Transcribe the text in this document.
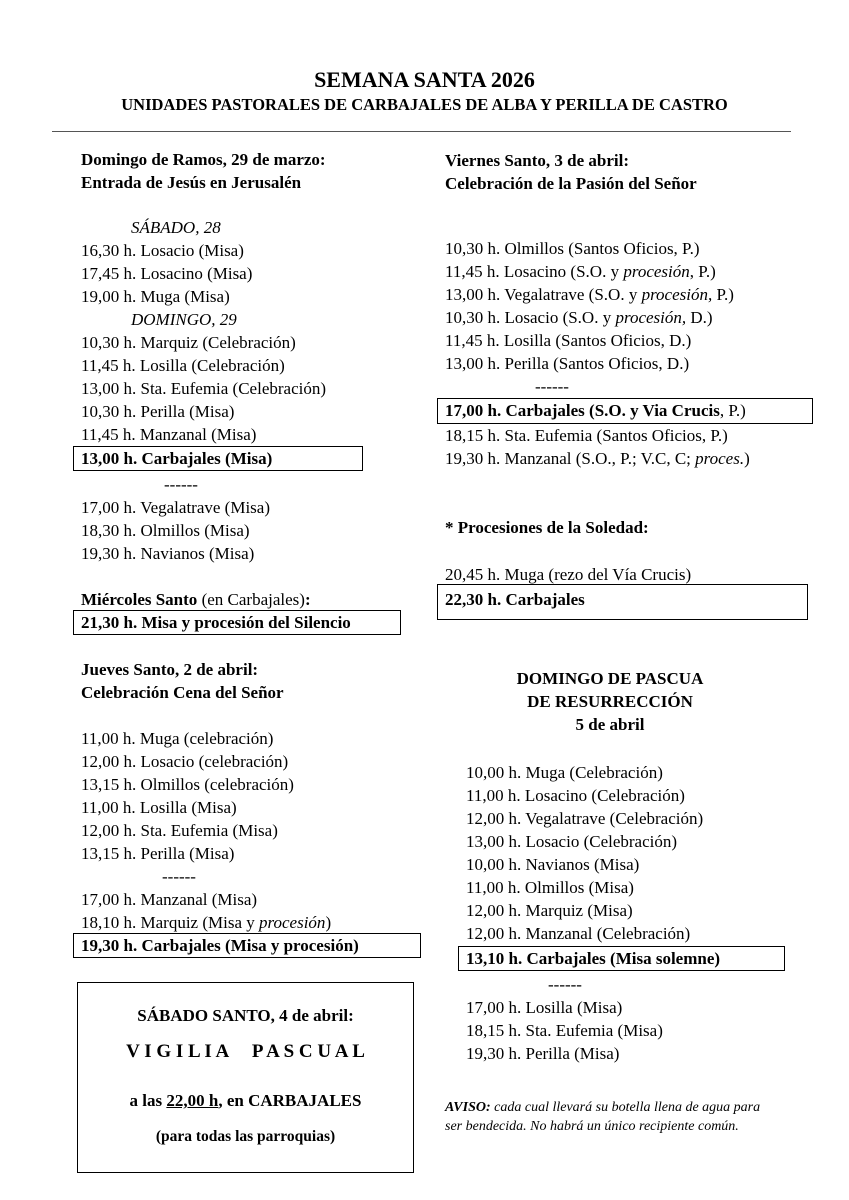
SEMANA SANTA 2026
UNIDADES PASTORALES DE CARBAJALES DE ALBA Y PERILLA DE CASTRO
Domingo de Ramos, 29 de marzo:
Entrada de Jesús en Jerusalén
SÁBADO, 28
16,30 h. Losacio (Misa)
17,45 h. Losacino (Misa)
19,00 h. Muga (Misa)
DOMINGO, 29
10,30 h. Marquiz (Celebración)
11,45 h. Losilla (Celebración)
13,00 h. Sta. Eufemia (Celebración)
10,30 h. Perilla (Misa)
11,45 h. Manzanal (Misa)
13,00 h. Carbajales (Misa)
------
17,00 h. Vegalatrave (Misa)
18,30 h. Olmillos (Misa)
19,30 h. Navianos (Misa)
Miércoles Santo (en Carbajales):
21,30 h. Misa y procesión del Silencio
Jueves Santo, 2 de abril:
Celebración Cena del Señor
11,00 h. Muga (celebración)
12,00 h. Losacio (celebración)
13,15 h. Olmillos (celebración)
11,00 h. Losilla (Misa)
12,00 h. Sta. Eufemia (Misa)
13,15 h. Perilla (Misa)
------
17,00 h. Manzanal (Misa)
18,10 h. Marquiz (Misa y procesión)
19,30 h. Carbajales (Misa y procesión)
SÁBADO SANTO, 4 de abril:
V I G I L I A     P A S C U A L
a las 22,00 h, en CARBAJALES
(para todas las parroquias)
Viernes Santo, 3 de abril:
Celebración de la Pasión del Señor
10,30 h. Olmillos (Santos Oficios, P.)
11,45 h. Losacino (S.O. y procesión, P.)
13,00 h. Vegalatrave (S.O. y procesión, P.)
10,30 h. Losacio (S.O. y procesión, D.)
11,45 h. Losilla (Santos Oficios, D.)
13,00 h. Perilla (Santos Oficios, D.)
------
17,00 h. Carbajales (S.O. y Via Crucis, P.)
18,15 h. Sta. Eufemia (Santos Oficios, P.)
19,30 h. Manzanal (S.O., P.; V.C, C; proces.)
* Procesiones de la Soledad:
20,45 h. Muga (rezo del Vía Crucis)
22,30 h. Carbajales
DOMINGO DE PASCUA
DE RESURRECCIÓN
5 de abril
10,00 h. Muga (Celebración)
11,00 h. Losacino (Celebración)
12,00 h. Vegalatrave (Celebración)
13,00 h. Losacio (Celebración)
10,00 h. Navianos (Misa)
11,00 h. Olmillos (Misa)
12,00 h. Marquiz (Misa)
12,00 h. Manzanal (Celebración)
13,10 h. Carbajales (Misa solemne)
------
17,00 h. Losilla (Misa)
18,15 h. Sta. Eufemia (Misa)
19,30 h. Perilla (Misa)
AVISO: cada cual llevará su botella llena de agua para ser bendecida. No habrá un único recipiente común.
